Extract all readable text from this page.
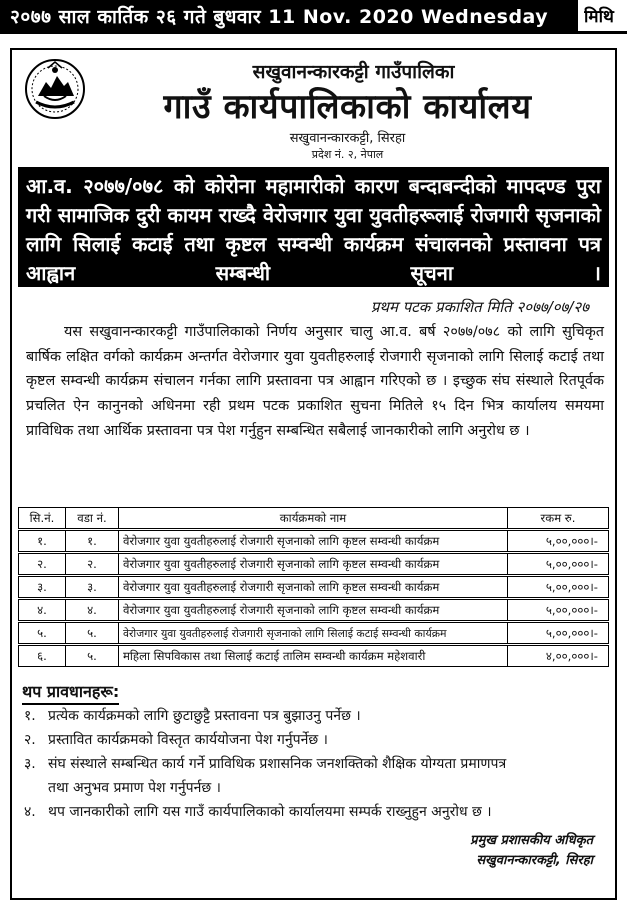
२०७७ साल कार्तिक २६ गते बुधवार 11 Nov. 2020 Wednesday	मिथि
सखुवानन्कारकट्टी गाउँपालिका
गाउँ कार्यपालिकाको कार्यालय
सखुवानन्कारकट्टी, सिरहा
प्रदेश नं. २, नेपाल
आ.व. २०७७/०७८ को कोरोना महामारीको कारण बन्दाबन्दीको मापदण्ड पुरा गरी सामाजिक दुरी कायम राख्दै वेरोजगार युवा युवतीहरूलाई रोजगारी सृजनाको लागि सिलाई कटाई तथा कृष्टल सम्वन्धी कार्यक्रम संचालनको प्रस्तावना पत्र आह्वान सम्बन्धी सूचना ।
प्रथम पटक प्रकाशित मिति २०७७/०७/२७
यस सखुवानन्कारकट्टी गाउँपालिकाको निर्णय अनुसार चालु आ.व. बर्ष २०७७/०७८ को लागि सुचिकृत बार्षिक लक्षित वर्गको कार्यक्रम अन्तर्गत वेरोजगार युवा युवतीहरुलाई रोजगारी सृजनाको लागि सिलाई कटाई तथा कृष्टल सम्वन्धी कार्यक्रम संचालन गर्नका लागि प्रस्तावना पत्र आह्वान गरिएको छ । इच्छुक संघ संस्थाले रितपूर्वक प्रचलित ऐन कानुनको अधिनमा रही प्रथम पटक प्रकाशित सुचना मितिले १५ दिन भित्र कार्यालय समयमा प्राविधिक तथा आर्थिक प्रस्तावना पत्र पेश गर्नुहुन सम्बन्धित सबैलाई जानकारीको लागि अनुरोध छ ।
सि.नं.	वडा नं.	कार्यक्रमको नाम	रकम रु.
१.	१.	वेरोजगार युवा युवतीहरुलाई रोजगारी सृजनाको लागि कृष्टल सम्वन्धी कार्यक्रम	५,००,०००।-
२.	२.	वेरोजगार युवा युवतीहरुलाई रोजगारी सृजनाको लागि कृष्टल सम्वन्धी कार्यक्रम	५,००,०००।-
३.	३.	वेरोजगार युवा युवतीहरुलाई रोजगारी सृजनाको लागि कृष्टल सम्वन्धी कार्यक्रम	५,००,०००।-
४.	४.	वेरोजगार युवा युवतीहरुलाई रोजगारी सृजनाको लागि कृष्टल सम्वन्धी कार्यक्रम	५,००,०००।-
५.	५.	वेरोजगार युवा युवतीहरुलाई रोजगारी सृजनाको लागि सिलाई कटाई सम्वन्धी कार्यक्रम	५,००,०००।-
६.	५.	महिला सिपविकास तथा सिलाई कटाई तालिम सम्वन्धी कार्यक्रम महेशवारी	४,००,०००।-
थप प्रावधानहरू:
१. प्रत्येक कार्यक्रमको लागि छुटाछुट्टै प्रस्तावना पत्र बुझाउनु पर्नेछ ।
२. प्रस्तावित कार्यक्रमको विस्तृत कार्ययोजना पेश गर्नुपर्नेछ ।
३. संघ संस्थाले सम्बन्धित कार्य गर्ने प्राविधिक प्रशासनिक जनशक्तिको शैक्षिक योग्यता प्रमाणपत्र
तथा अनुभव प्रमाण पेश गर्नुपर्नछ ।
४. थप जानकारीको लागि यस गाउँ कार्यपालिकाको कार्यालयमा सम्पर्क राख्नुहुन अनुरोध छ ।
प्रमुख प्रशासकीय अधिकृत
सखुवानन्कारकट्टी, सिरहा
